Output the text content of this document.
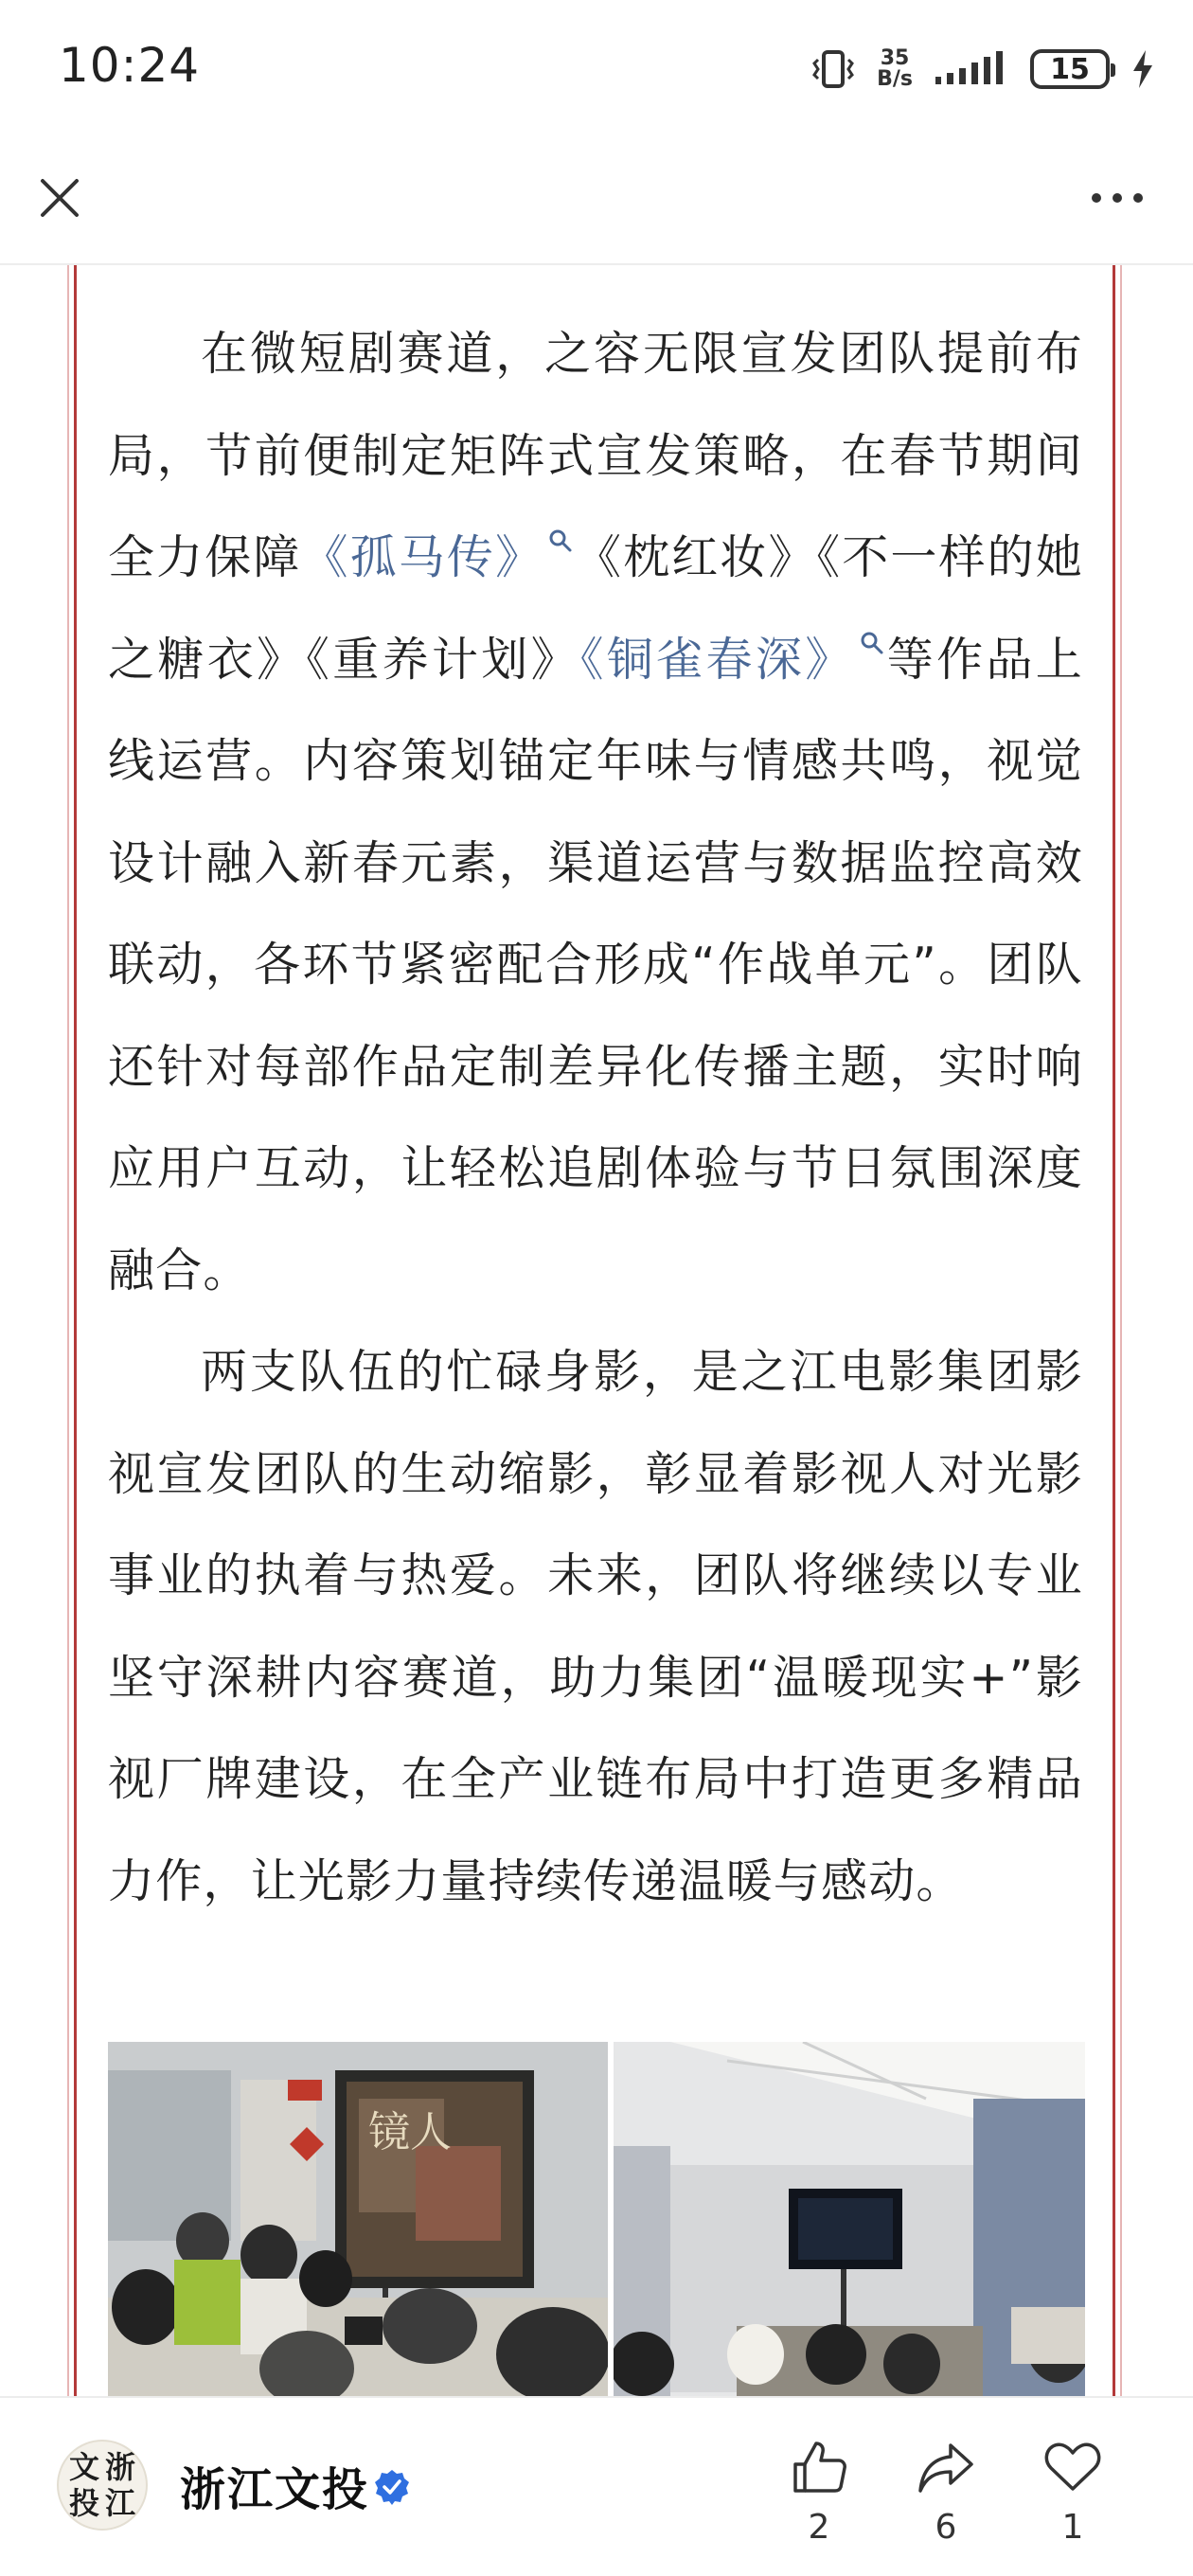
10:24	35
B/s	15

在微短剧赛道，之容无限宣发团队提前布局，节前便制定矩阵式宣发策略，在春节期间全力保障《孤马传》 《枕红妆》《不一样的她之糖衣》《重养计划》《铜雀春深》 等作品上线运营。内容策划锚定年味与情感共鸣，视觉设计融入新春元素，渠道运营与数据监控高效联动，各环节紧密配合形成“作战单元”。团队还针对每部作品定制差异化传播主题，实时响应用户互动，让轻松追剧体验与节日氛围深度融合。

两支队伍的忙碌身影，是之江电影集团影视宣发团队的生动缩影，彰显着影视人对光影事业的执着与热爱。未来，团队将继续以专业坚守深耕内容赛道，助力集团“温暖现实+”影视厂牌建设，在全产业链布局中打造更多精品力作，让光影力量持续传递温暖与感动。

镜人
文 浙
投 江 浙江文投
2	6	1
